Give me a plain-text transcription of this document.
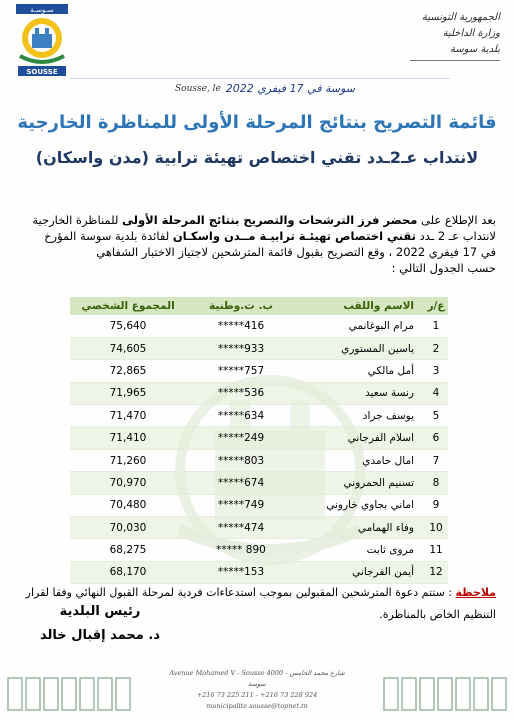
سـوسـة
SOUSSE
الجمهورية التونسية
وزارة الداخلية
بلدية سوسة
Sousse, le سوسة في 17 فيفري 2022
قائمة التصريح بنتائج المرحلة الأولى للمناظرة الخارجية
لانتداب عـ2ـدد تقني اختصاص تهيئة ترابية (مدن واسكان)
بعد الإطلاع على محضر فرز الترشحات والتصريح بنتائج المرحلة الأولى للمناظرة الخارجية
لانتداب عـ 2 ـدد تقني اختصاص تهيئـة ترابيـة مــدن واسكـان لفائدة بلدية سوسة المؤرخ
في 17 فيفري 2022 ، وقع التصريح بقبول قائمة المترشحين لاجتياز الاختبار الشفاهي
حسب الجدول التالي :
ع/ر	الاسم واللقب	ب. ت.وطنية	المجموع الشخصي
1	مرام البوغانمي	416*****	75,640
2	ياسين المستوري	933*****	74,605
3	أمل مالكي	757*****	72,865
4	رنسة سعيد	536*****	71,965
5	يوسف جراد	634*****	71,470
6	اسلام الفرجاني	249*****	71,410
7	امال حامدي	803*****	71,260
8	تسنيم الحمروني	674*****	70,970
9	اماني بجاوي خاروني	749*****	70,480
10	وفاء الهمامي	474*****	70,030
11	مروى ثابت	890 *****	68,275
12	أيمن الفرجاني	153*****	68,170
ملاحظة : ستتم دعوة المترشحين المقبولين بموجب استدعاءات فردية لمرحلة القبول النهائي وفقا لقرار
التنظيم الخاص بالمناظرة.
رئيس البلدية
د. محمد إقبال خالد
Avenue Mohamed V - Sousse 4000 شارع محمد الخامس - سوسة
+216 73 225 211 - +216 73 228 924
municipalite.sousse@topnet.tn
